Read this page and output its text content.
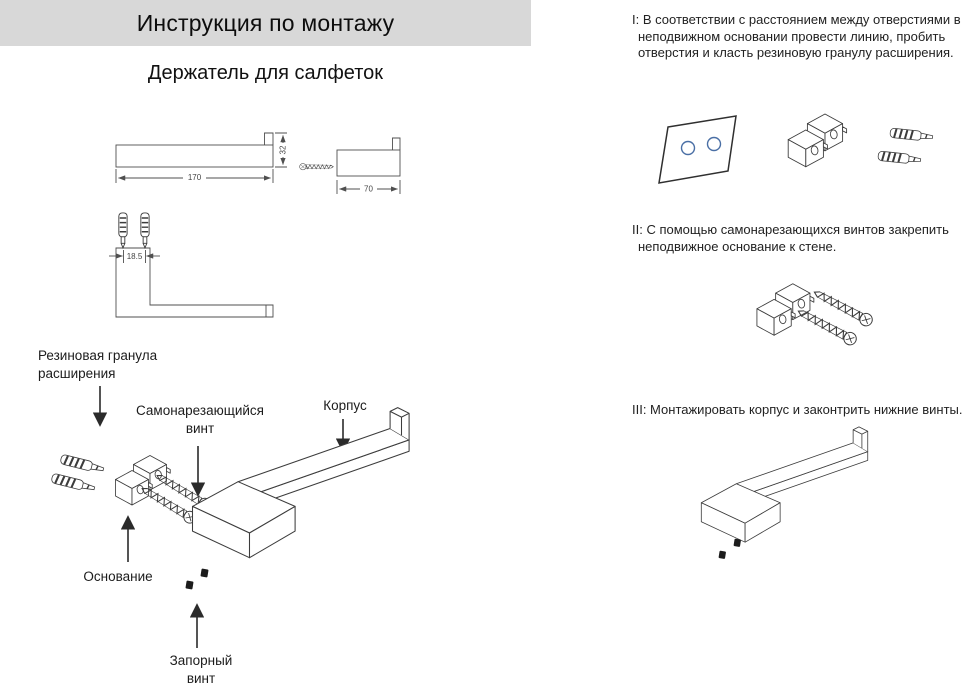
Инструкция по монтажу
Держатель для салфеток
170
32
70
18.5
Резиновая гранула расширения
Самонарезающийся винт
Корпус
Основание
Запорный винт
I: В соответствии с расстоянием между отверстиями в неподвижном основании провести линию, пробить отверстия и класть резиновую гранулу расширения.
II: С помощью самонарезающихся винтов закрепить неподвижное основание к стене.
III: Монтажировать корпус и законтрить нижние винты.
